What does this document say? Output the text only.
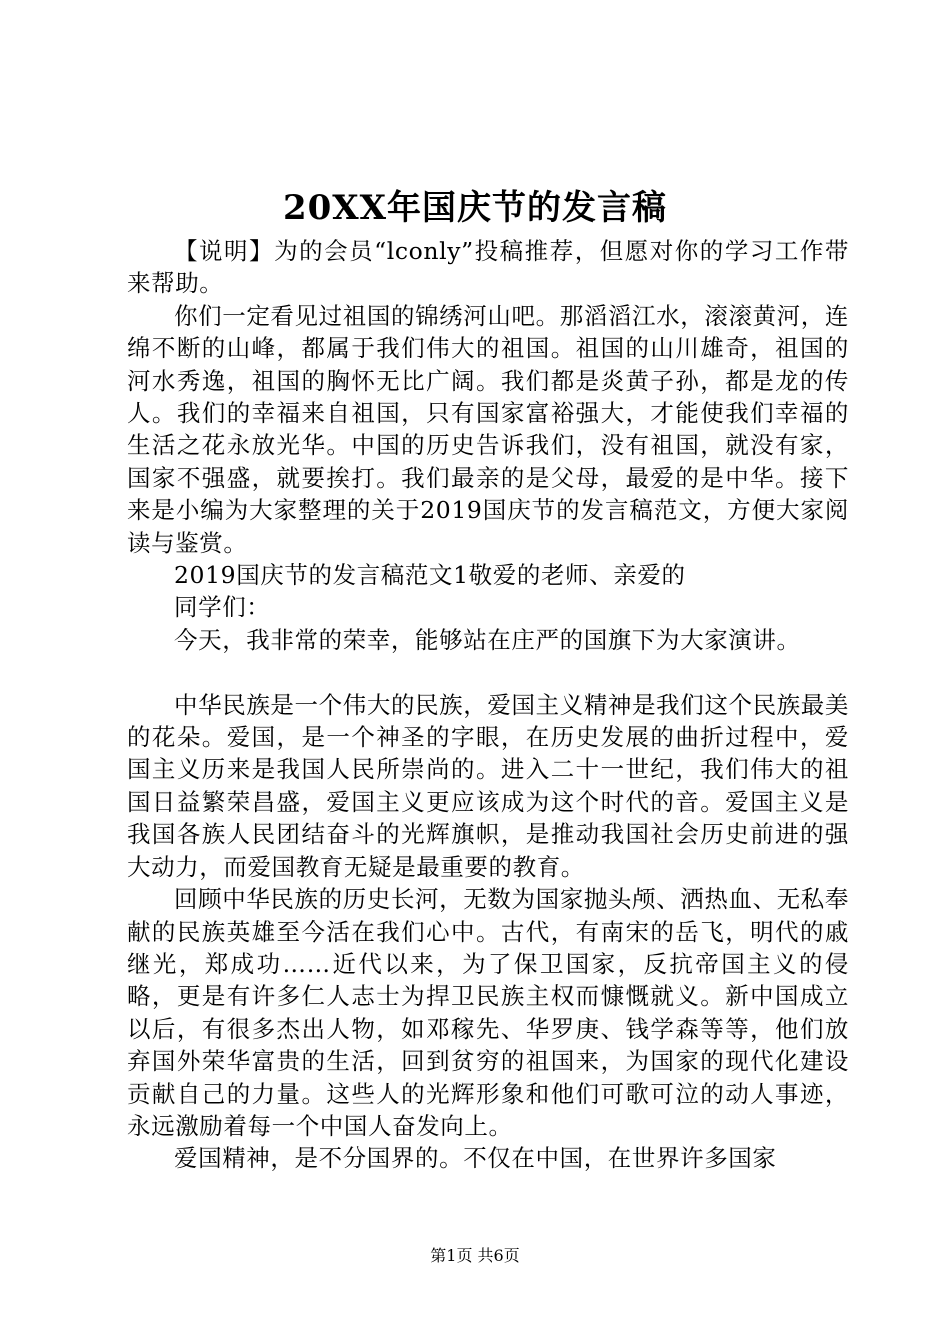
20XX年国庆节的发言稿

【说明】为的会员“lconly”投稿推荐，但愿对你的学习工作带来帮助。

你们一定看见过祖国的锦绣河山吧。那滔滔江水，滚滚黄河，连绵不断的山峰，都属于我们伟大的祖国。祖国的山川雄奇，祖国的河水秀逸，祖国的胸怀无比广阔。我们都是炎黄子孙，都是龙的传人。我们的幸福来自祖国，只有国家富裕强大，才能使我们幸福的生活之花永放光华。中国的历史告诉我们，没有祖国，就没有家，国家不强盛，就要挨打。我们最亲的是父母，最爱的是中华。接下来是小编为大家整理的关于2019国庆节的发言稿范文，方便大家阅读与鉴赏。

2019国庆节的发言稿范文1敬爱的老师、亲爱的

同学们：

今天，我非常的荣幸，能够站在庄严的国旗下为大家演讲。

中华民族是一个伟大的民族，爱国主义精神是我们这个民族最美的花朵。爱国，是一个神圣的字眼，在历史发展的曲折过程中，爱国主义历来是我国人民所崇尚的。进入二十一世纪，我们伟大的祖国日益繁荣昌盛，爱国主义更应该成为这个时代的音。爱国主义是我国各族人民团结奋斗的光辉旗帜，是推动我国社会历史前进的强大动力，而爱国教育无疑是最重要的教育。

回顾中华民族的历史长河，无数为国家抛头颅、洒热血、无私奉献的民族英雄至今活在我们心中。古代，有南宋的岳飞，明代的戚继光，郑成功……近代以来，为了保卫国家，反抗帝国主义的侵略，更是有许多仁人志士为捍卫民族主权而慷慨就义。新中国成立以后，有很多杰出人物，如邓稼先、华罗庚、钱学森等等，他们放弃国外荣华富贵的生活，回到贫穷的祖国来，为国家的现代化建设贡献自己的力量。这些人的光辉形象和他们可歌可泣的动人事迹，永远激励着每一个中国人奋发向上。

爱国精神，是不分国界的。不仅在中国，在世界许多国家

第1页 共6页
